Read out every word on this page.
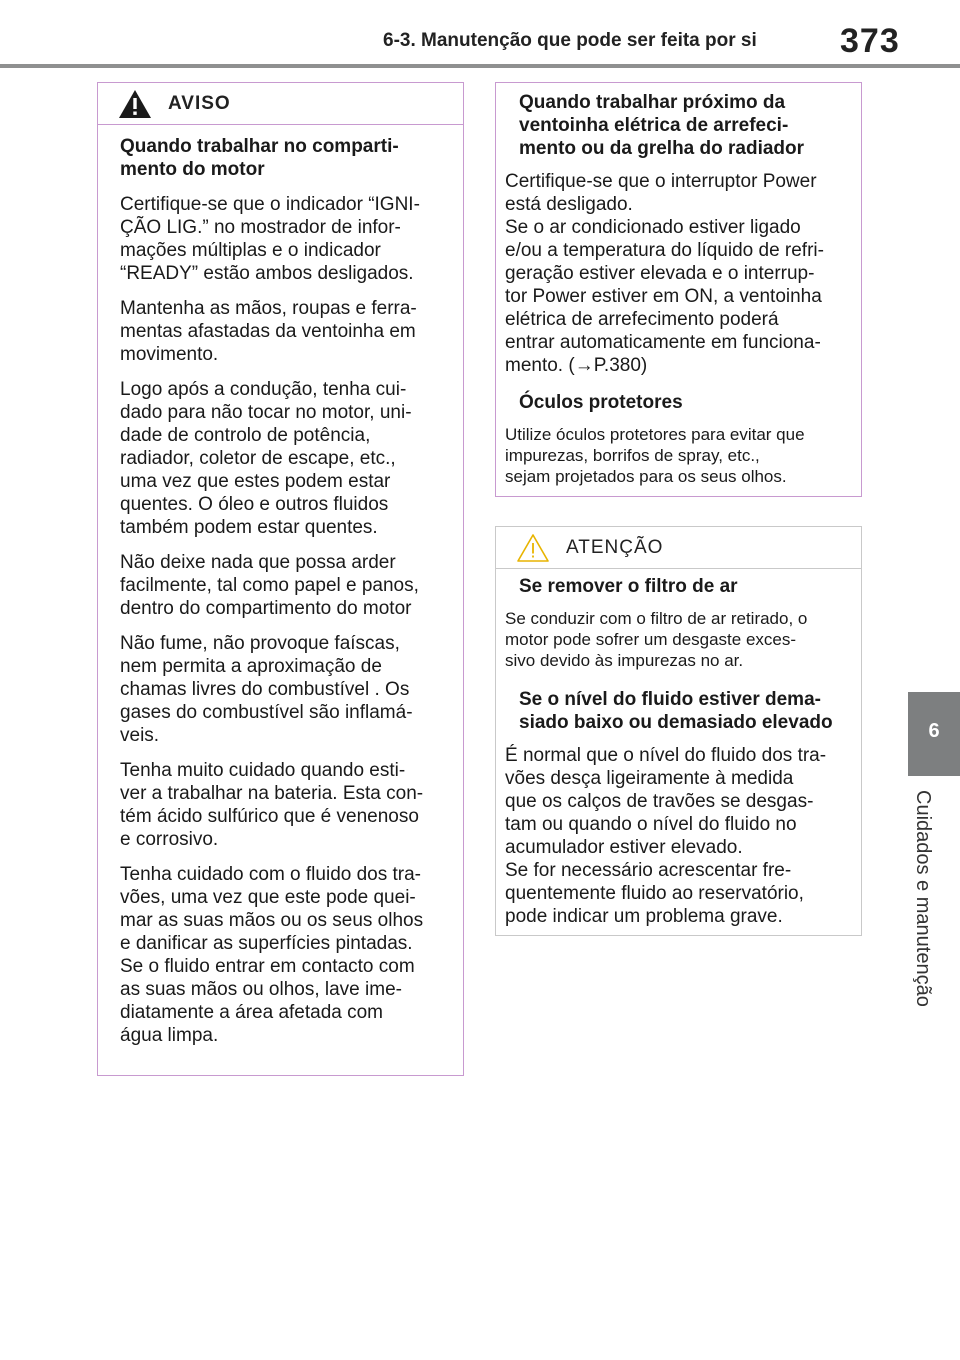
6-3. Manutenção que pode ser feita por si 373
6
Cuidados e manutenção
AVISO
Quando trabalhar no comparti-
mento do motor
Certifique-se que o indicador “IGNI-
ÇÃO LIG.” no mostrador de infor-
mações múltiplas e o indicador
“READY” estão ambos desligados.
Mantenha as mãos, roupas e ferra-
mentas afastadas da ventoinha em
movimento.
Logo após a condução, tenha cui-
dado para não tocar no motor, uni-
dade de controlo de potência,
radiador, coletor de escape, etc.,
uma vez que estes podem estar
quentes. O óleo e outros fluidos
também podem estar quentes.
Não deixe nada que possa arder
facilmente, tal como papel e panos,
dentro do compartimento do motor
Não fume, não provoque faíscas,
nem permita a aproximação de
chamas livres do combustível . Os
gases do combustível são inflamá-
veis.
Tenha muito cuidado quando esti-
ver a trabalhar na bateria. Esta con-
tém ácido sulfúrico que é venenoso
e corrosivo.
Tenha cuidado com o fluido dos tra-
vões, uma vez que este pode quei-
mar as suas mãos ou os seus olhos
e danificar as superfícies pintadas.
Se o fluido entrar em contacto com
as suas mãos ou olhos, lave ime-
diatamente a área afetada com
água limpa.
Quando trabalhar próximo da
ventoinha elétrica de arrefeci-
mento ou da grelha do radiador
Certifique-se que o interruptor Power
está desligado.
Se o ar condicionado estiver ligado
e/ou a temperatura do líquido de refri-
geração estiver elevada e o interrup-
tor Power estiver em ON, a ventoinha
elétrica de arrefecimento poderá
entrar automaticamente em funciona-
mento. (→P.380)
Óculos protetores
Utilize óculos protetores para evitar que
impurezas, borrifos de spray, etc.,
sejam projetados para os seus olhos.
ATENÇÃO
Se remover o filtro de ar
Se conduzir com o filtro de ar retirado, o
motor pode sofrer um desgaste exces-
sivo devido às impurezas no ar.
Se o nível do fluido estiver dema-
siado baixo ou demasiado elevado
É normal que o nível do fluido dos tra-
vões desça ligeiramente à medida
que os calços de travões se desgas-
tam ou quando o nível do fluido no
acumulador estiver elevado.
Se for necessário acrescentar fre-
quentemente fluido ao reservatório,
pode indicar um problema grave.
